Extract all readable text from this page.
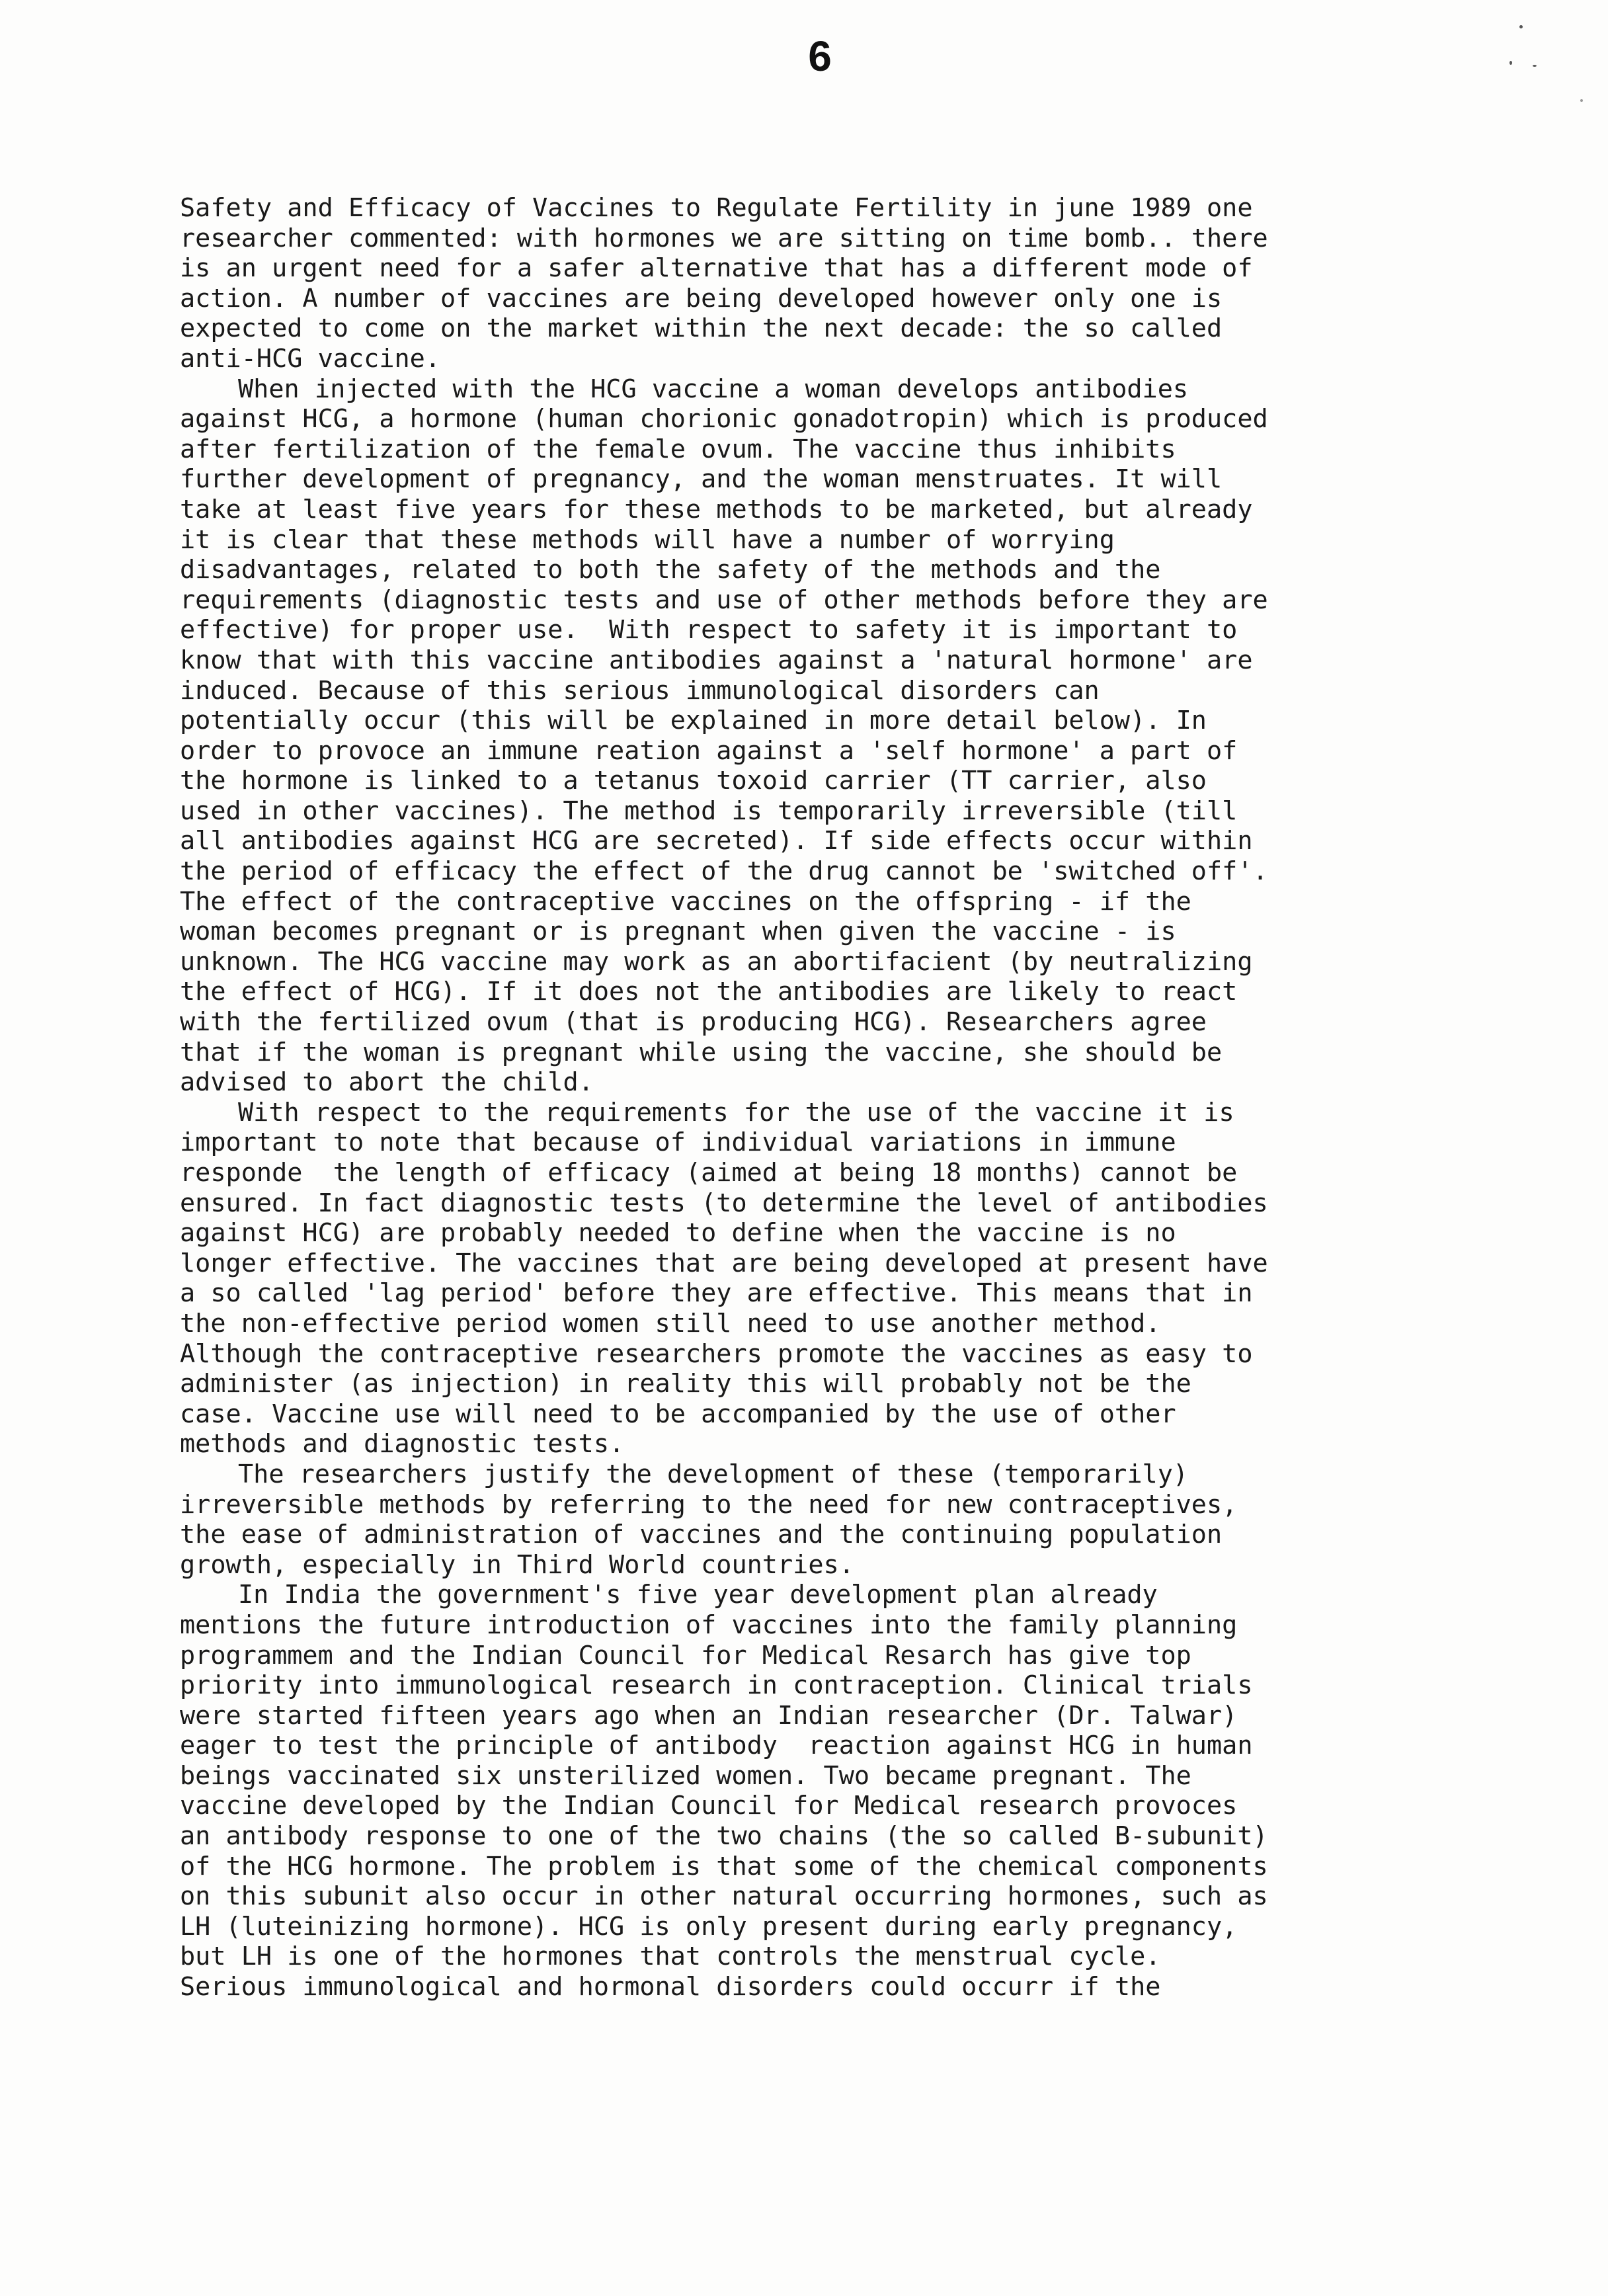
6
Safety and Efficacy of Vaccines to Regulate Fertility in june 1989 one
researcher commented: with hormones we are sitting on time bomb.. there
is an urgent need for a safer alternative that has a different mode of
action. A number of vaccines are being developed however only one is
expected to come on the market within the next decade: the so called
anti-HCG vaccine.
When injected with the HCG vaccine a woman develops antibodies
against HCG, a hormone (human chorionic gonadotropin) which is produced
after fertilization of the female ovum. The vaccine thus inhibits
further development of pregnancy, and the woman menstruates. It will
take at least five years for these methods to be marketed, but already
it is clear that these methods will have a number of worrying
disadvantages, related to both the safety of the methods and the
requirements (diagnostic tests and use of other methods before they are
effective) for proper use.  With respect to safety it is important to
know that with this vaccine antibodies against a 'natural hormone' are
induced. Because of this serious immunological disorders can
potentially occur (this will be explained in more detail below). In
order to provoce an immune reation against a 'self hormone' a part of
the hormone is linked to a tetanus toxoid carrier (TT carrier, also
used in other vaccines). The method is temporarily irreversible (till
all antibodies against HCG are secreted). If side effects occur within
the period of efficacy the effect of the drug cannot be 'switched off'.
The effect of the contraceptive vaccines on the offspring - if the
woman becomes pregnant or is pregnant when given the vaccine - is
unknown. The HCG vaccine may work as an abortifacient (by neutralizing
the effect of HCG). If it does not the antibodies are likely to react
with the fertilized ovum (that is producing HCG). Researchers agree
that if the woman is pregnant while using the vaccine, she should be
advised to abort the child.
With respect to the requirements for the use of the vaccine it is
important to note that because of individual variations in immune
responde  the length of efficacy (aimed at being 18 months) cannot be
ensured. In fact diagnostic tests (to determine the level of antibodies
against HCG) are probably needed to define when the vaccine is no
longer effective. The vaccines that are being developed at present have
a so called 'lag period' before they are effective. This means that in
the non-effective period women still need to use another method.
Although the contraceptive researchers promote the vaccines as easy to
administer (as injection) in reality this will probably not be the
case. Vaccine use will need to be accompanied by the use of other
methods and diagnostic tests.
The researchers justify the development of these (temporarily)
irreversible methods by referring to the need for new contraceptives,
the ease of administration of vaccines and the continuing population
growth, especially in Third World countries.
In India the government's five year development plan already
mentions the future introduction of vaccines into the family planning
programmem and the Indian Council for Medical Resarch has give top
priority into immunological research in contraception. Clinical trials
were started fifteen years ago when an Indian researcher (Dr. Talwar)
eager to test the principle of antibody  reaction against HCG in human
beings vaccinated six unsterilized women. Two became pregnant. The
vaccine developed by the Indian Council for Medical research provoces
an antibody response to one of the two chains (the so called B-subunit)
of the HCG hormone. The problem is that some of the chemical components
on this subunit also occur in other natural occurring hormones, such as
LH (luteinizing hormone). HCG is only present during early pregnancy,
but LH is one of the hormones that controls the menstrual cycle.
Serious immunological and hormonal disorders could occurr if the
